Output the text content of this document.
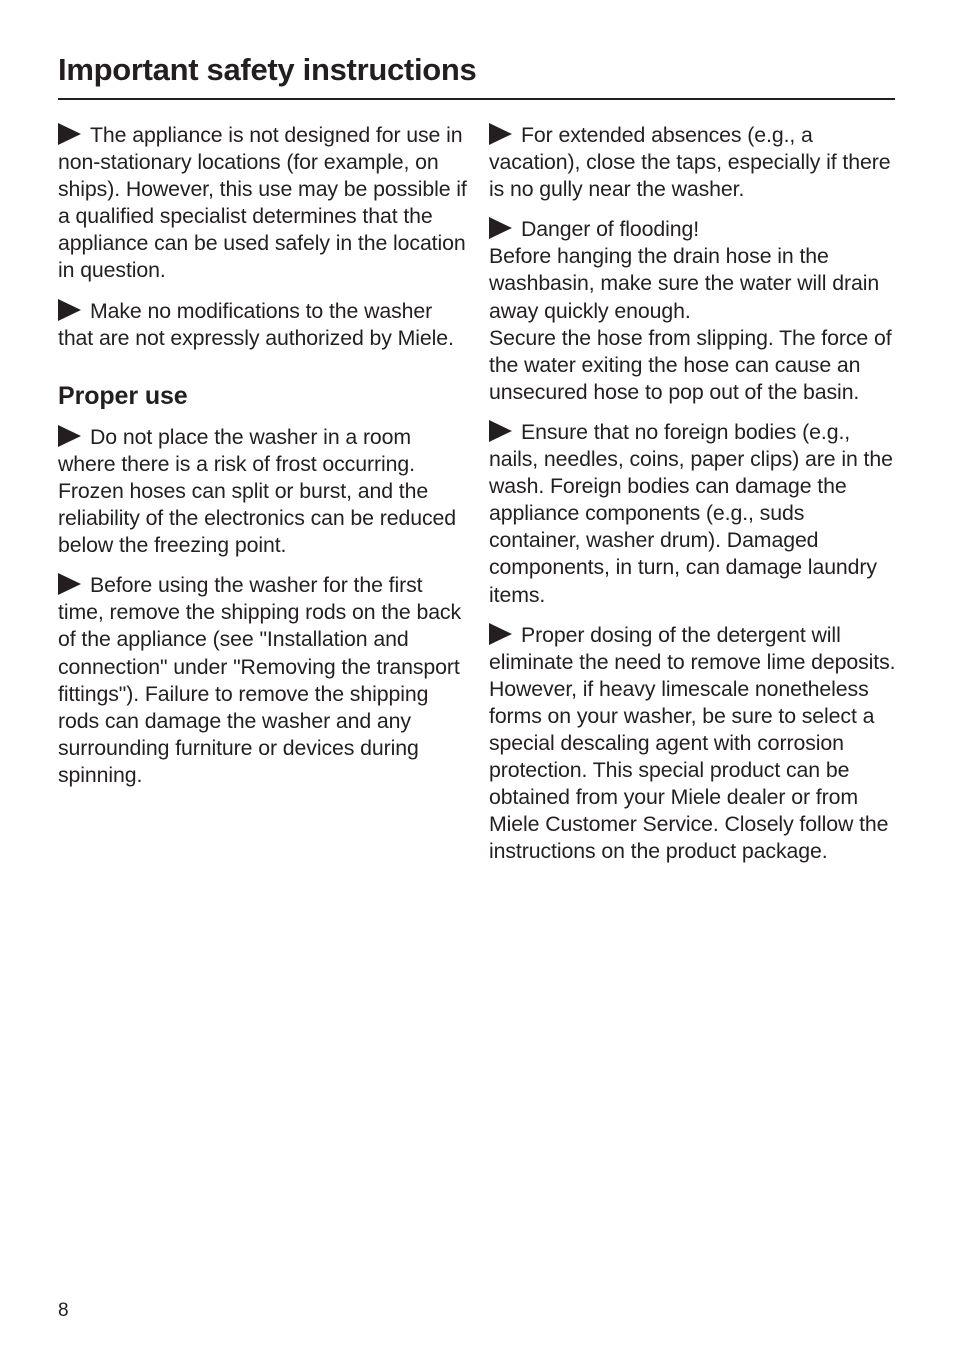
Important safety instructions

The appliance is not designed for use in non-stationary locations (for example, on ships). However, this use may be possible if a qualified specialist determines that the appliance can be used safely in the location in question.

Make no modifications to the washer that are not expressly authorized by Miele.

Proper use

Do not place the washer in a room where there is a risk of frost occurring. Frozen hoses can split or burst, and the reliability of the electronics can be reduced below the freezing point.

Before using the washer for the first time, remove the shipping rods on the back of the appliance (see "Installation and connection" under "Removing the transport fittings"). Failure to remove the shipping rods can damage the washer and any surrounding furniture or devices during spinning.

For extended absences (e.g., a vacation), close the taps, especially if there is no gully near the washer.

Danger of flooding!
Before hanging the drain hose in the washbasin, make sure the water will drain away quickly enough.
Secure the hose from slipping. The force of the water exiting the hose can cause an unsecured hose to pop out of the basin.

Ensure that no foreign bodies (e.g., nails, needles, coins, paper clips) are in the wash. Foreign bodies can damage the appliance components (e.g., suds container, washer drum). Damaged components, in turn, can damage laundry items.

Proper dosing of the detergent will eliminate the need to remove lime deposits. However, if heavy limescale nonetheless forms on your washer, be sure to select a special descaling agent with corrosion protection. This special product can be obtained from your Miele dealer or from Miele Customer Service. Closely follow the instructions on the product package.

8
